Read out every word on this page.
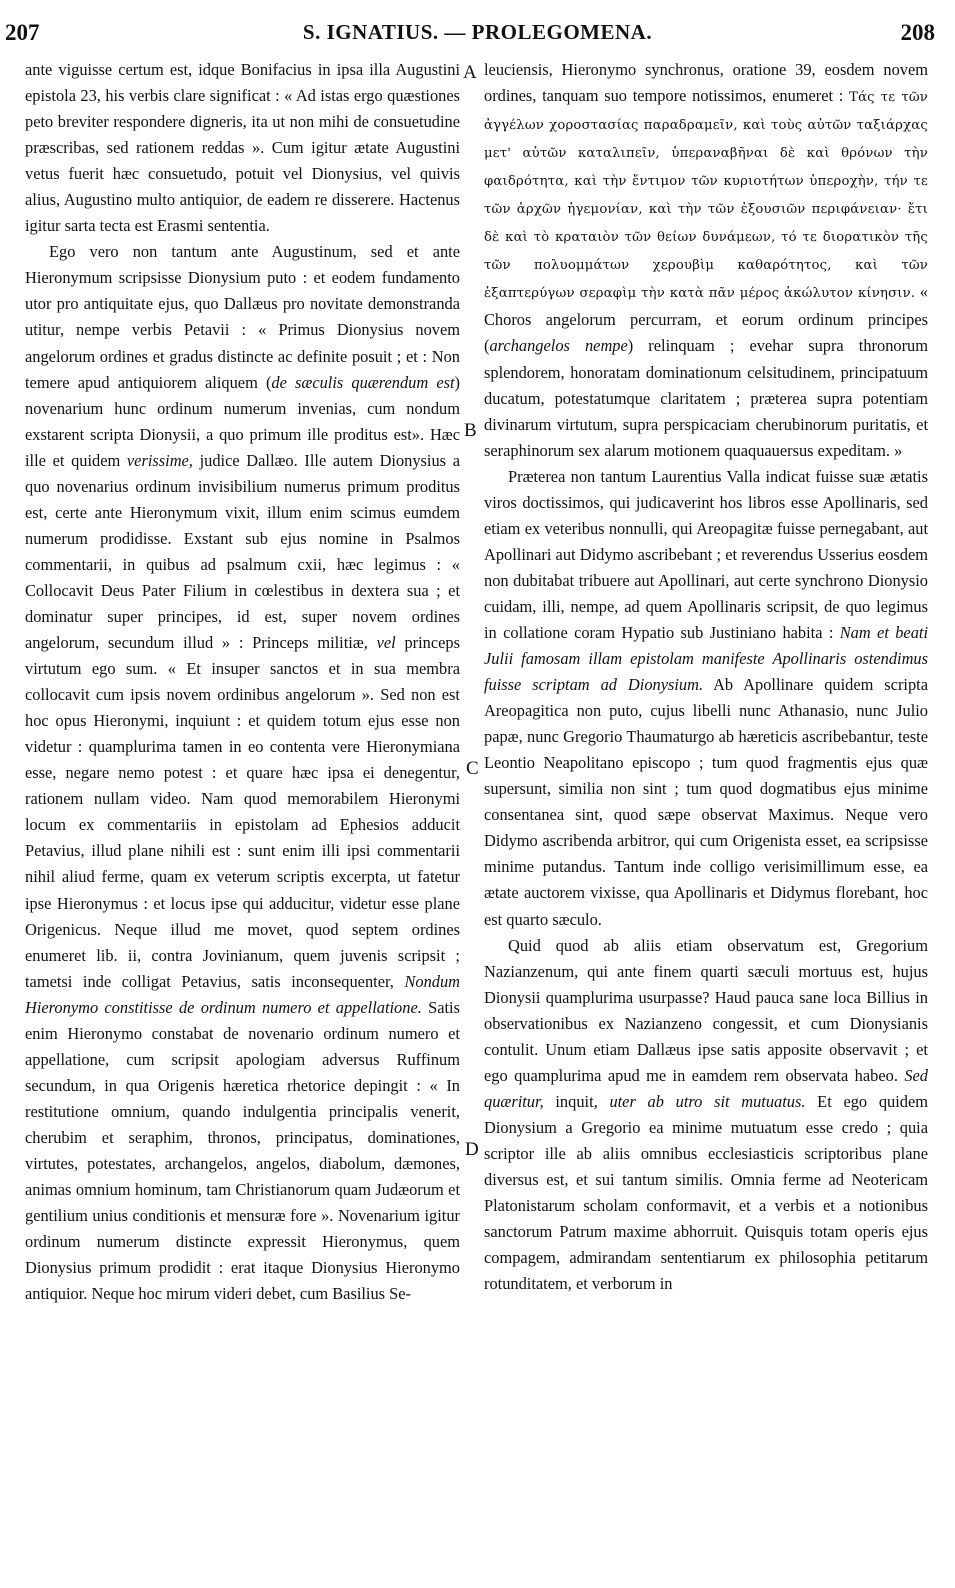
207	S. IGNATIUS. — PROLEGOMENA.	208

ante viguisse certum est, idque Bonifacius in ipsa illa Augustini epistola 23, his verbis clare significat : « Ad istas ergo quæstiones peto breviter respondere digneris, ita ut non mihi de consuetudine præscribas, sed rationem reddas ». Cum igitur ætate Augustini vetus fuerit hæc consuetudo, potuit vel Dionysius, vel quivis alius, Augustino multo antiquior, de eadem re disserere. Hactenus igitur sarta tecta est Erasmi sententia.

Ego vero non tantum ante Augustinum, sed et ante Hieronymum scripsisse Dionysium puto : et eodem fundamento utor pro antiquitate ejus, quo Dallæus pro novitate demonstranda utitur, nempe verbis Petavii : « Primus Dionysius novem angelorum ordines et gradus distincte ac definite posuit ; et : Non temere apud antiquiorem aliquem (de sæculis quærendum est) novenarium hunc ordinum numerum invenias, cum nondum exstarent scripta Dionysii, a quo primum ille proditus est». Hæc ille et quidem verissime, judice Dallæo. Ille autem Dionysius a quo novenarius ordinum invisibilium numerus primum proditus est, certe ante Hieronymum vixit, illum enim scimus eumdem numerum prodidisse. Exstant sub ejus nomine in Psalmos commentarii, in quibus ad psalmum cxii, hæc legimus : « Collocavit Deus Pater Filium in cœlestibus in dextera sua ; et dominatur super principes, id est, super novem ordines angelorum, secundum illud » : Princeps militiæ, vel princeps virtutum ego sum. « Et insuper sanctos et in sua membra collocavit cum ipsis novem ordinibus angelorum ». Sed non est hoc opus Hieronymi, inquiunt : et quidem totum ejus esse non videtur : quamplurima tamen in eo contenta vere Hieronymiana esse, negare nemo potest : et quare hæc ipsa ei denegentur, rationem nullam video. Nam quod memorabilem Hieronymi locum ex commentariis in epistolam ad Ephesios adducit Petavius, illud plane nihili est : sunt enim illi ipsi commentarii nihil aliud ferme, quam ex veterum scriptis excerpta, ut fatetur ipse Hieronymus : et locus ipse qui adducitur, videtur esse plane Origenicus. Neque illud me movet, quod septem ordines enumeret lib. ii, contra Jovinianum, quem juvenis scripsit ; tametsi inde colligat Petavius, satis inconsequenter, Nondum Hieronymo constitisse de ordinum numero et appellatione. Satis enim Hieronymo constabat de novenario ordinum numero et appellatione, cum scripsit apologiam adversus Ruffinum secundum, in qua Origenis hæretica rhetorice depingit : « In restitutione omnium, quando indulgentia principalis venerit, cherubim et seraphim, thronos, principatus, dominationes, virtutes, potestates, archangelos, angelos, diabolum, dæmones, animas omnium hominum, tam Christianorum quam Judæorum et gentilium unius conditionis et mensuræ fore ». Novenarium igitur ordinum numerum distincte expressit Hieronymus, quem Dionysius primum prodidit : erat itaque Dionysius Hieronymo antiquior. Neque hoc mirum videri debet, cum Basilius Se-

leuciensis, Hieronymo synchronus, oratione 39, eosdem novem ordines, tanquam suo tempore notissimos, enumeret : Τάς τε τῶν ἀγγέλων χοροστασίας παραδραμεῖν, καὶ τοὺς αὐτῶν ταξιάρχας μετ' αὐτῶν καταλιπεῖν, ὑπεραναβῆναι δὲ καὶ θρόνων τὴν φαιδρότητα, καὶ τὴν ἔντιμον τῶν κυριοτήτων ὑπεροχὴν, τήν τε τῶν ἀρχῶν ἡγεμονίαν, καὶ τὴν τῶν ἐξουσιῶν περιφάνειαν· ἔτι δὲ καὶ τὸ κραταιὸν τῶν θείων δυνάμεων, τό τε διορατικὸν τῆς τῶν πολυομμάτων χερουβὶμ καθαρότητος, καὶ τῶν ἑξαπτερύγων σεραφὶμ τὴν κατὰ πᾶν μέρος ἀκώλυτον κίνησιν. « Choros angelorum percurram, et eorum ordinum principes (archangelos nempe) relinquam ; evehar supra thronorum splendorem, honoratam dominationum celsitudinem, principatuum ducatum, potestatumque claritatem ; præterea supra potentiam divinarum virtutum, supra perspicaciam cherubinorum puritatis, et seraphinorum sex alarum motionem quaquauersus expeditam. »

Præterea non tantum Laurentius Valla indicat fuisse suæ ætatis viros doctissimos, qui judicaverint hos libros esse Apollinaris, sed etiam ex veteribus nonnulli, qui Areopagitæ fuisse pernegabant, aut Apollinari aut Didymo ascribebant ; et reverendus Usserius eosdem non dubitabat tribuere aut Apollinari, aut certe synchrono Dionysio cuidam, illi, nempe, ad quem Apollinaris scripsit, de quo legimus in collatione coram Hypatio sub Justiniano habita : Nam et beati Julii famosam illam epistolam manifeste Apollinaris ostendimus fuisse scriptam ad Dionysium. Ab Apollinare quidem scripta Areopagitica non puto, cujus libelli nunc Athanasio, nunc Julio papæ, nunc Gregorio Thaumaturgo ab hæreticis ascribebantur, teste Leontio Neapolitano episcopo ; tum quod fragmentis ejus quæ supersunt, similia non sint ; tum quod dogmatibus ejus minime consentanea sint, quod sæpe observat Maximus. Neque vero Didymo ascribenda arbitror, qui cum Origenista esset, ea scripsisse minime putandus. Tantum inde colligo verisimillimum esse, ea ætate auctorem vixisse, qua Apollinaris et Didymus florebant, hoc est quarto sæculo.

Quid quod ab aliis etiam observatum est, Gregorium Nazianzenum, qui ante finem quarti sæculi mortuus est, hujus Dionysii quamplurima usurpasse? Haud pauca sane loca Billius in observationibus ex Nazianzeno congessit, et cum Dionysianis contulit. Unum etiam Dallæus ipse satis apposite observavit ; et ego quamplurima apud me in eamdem rem observata habeo. Sed quæritur, inquit, uter ab utro sit mutuatus. Et ego quidem Dionysium a Gregorio ea minime mutuatum esse credo ; quia scriptor ille ab aliis omnibus ecclesiasticis scriptoribus plane diversus est, et sui tantum similis. Omnia ferme ad Neotericam Platonistarum scholam conformavit, et a verbis et a notionibus sanctorum Patrum maxime abhorruit. Quisquis totam operis ejus compagem, admirandam sententiarum ex philosophia petitarum rotunditatem, et verborum in

A
B
C
D
